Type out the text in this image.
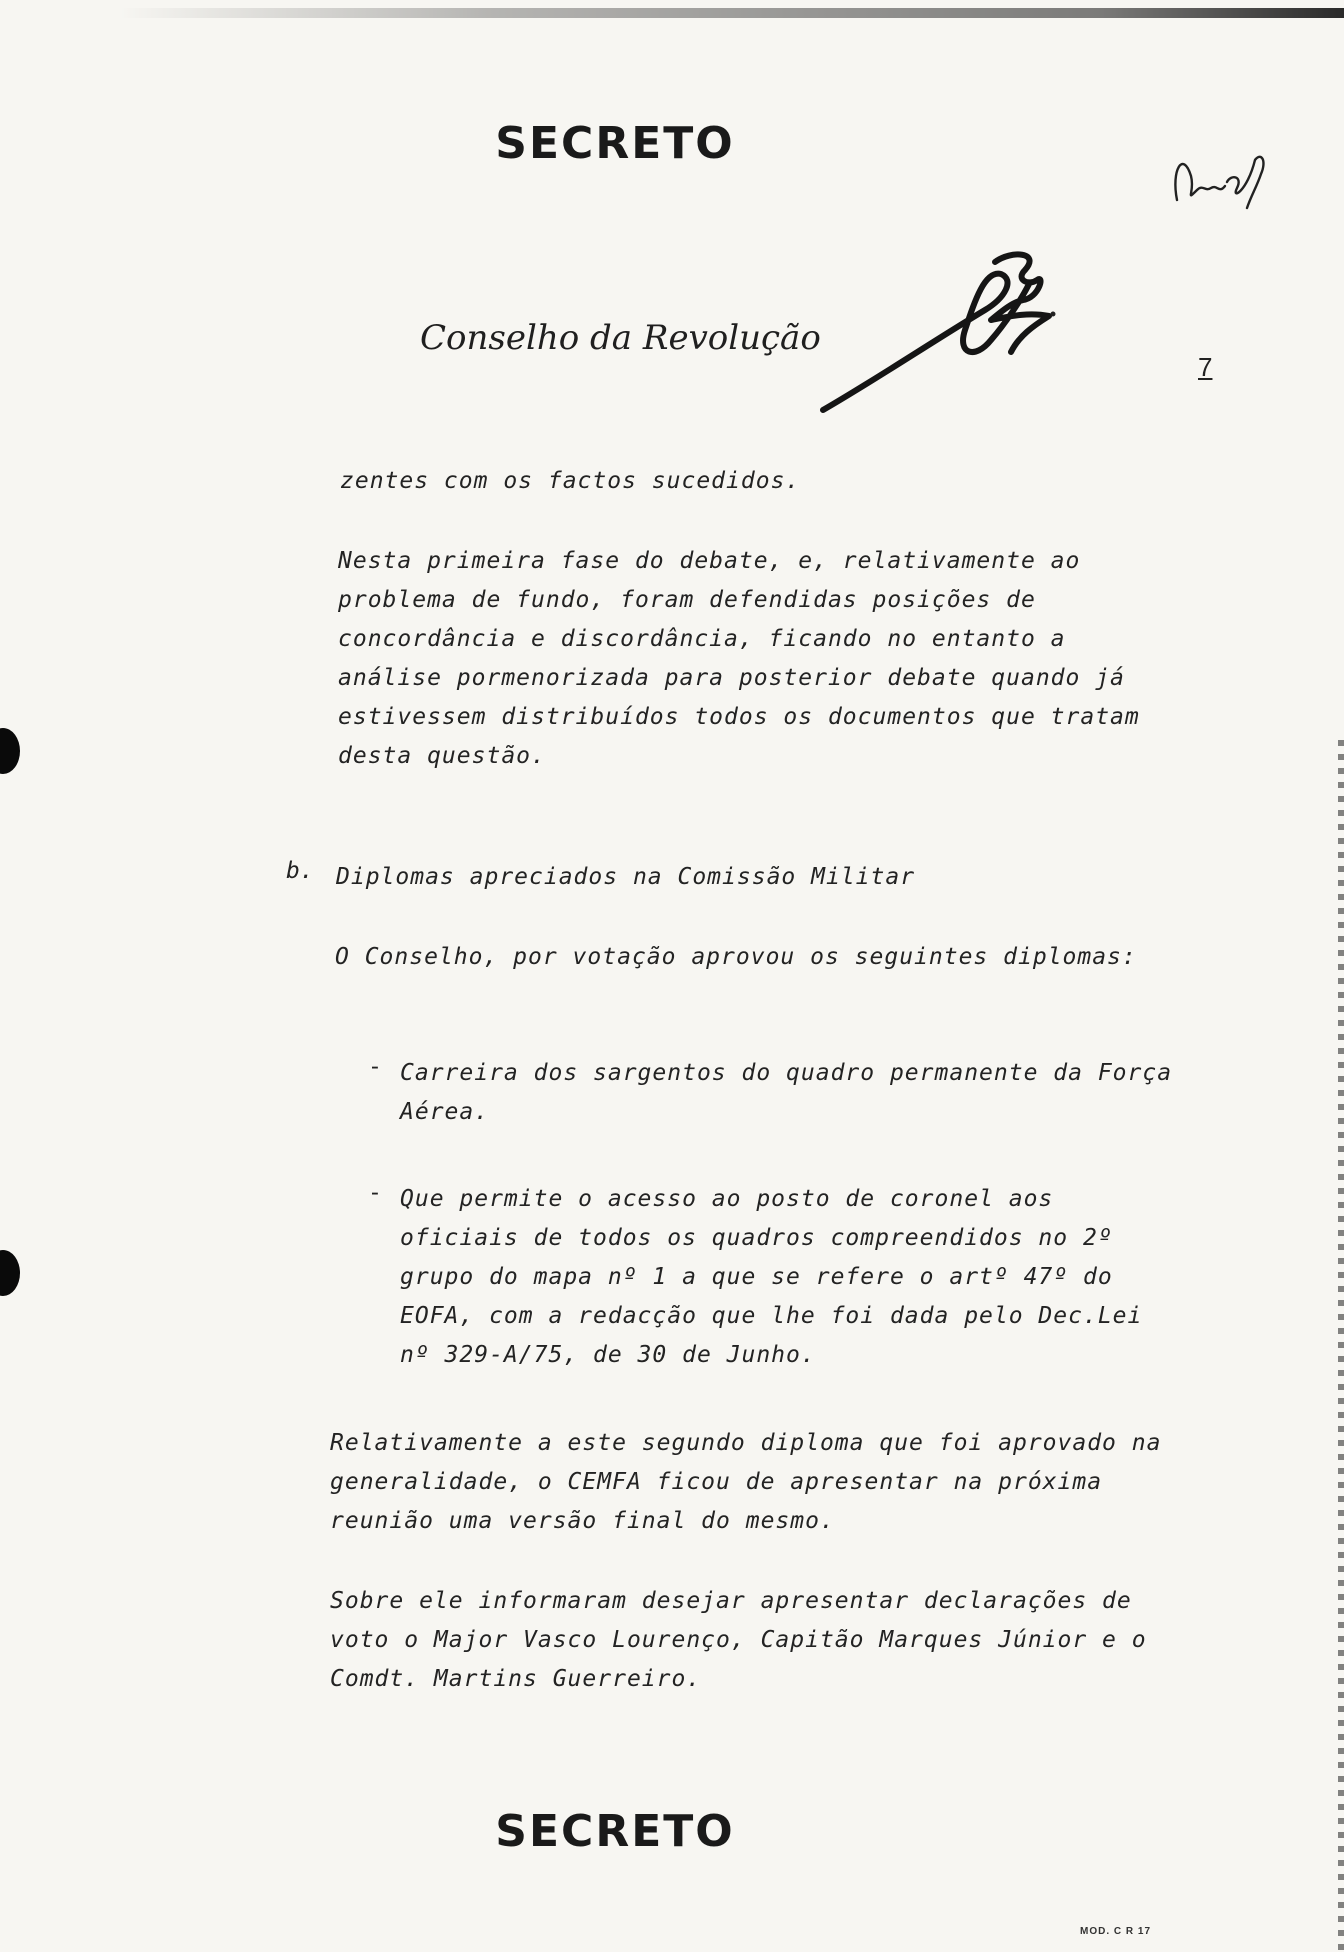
SECRETO
Conselho da Revolução
7
zentes com os factos sucedidos.
Nesta primeira fase do debate, e, relativamente ao problema de fundo, foram defendidas posições de concordância e discordância, ficando no entanto a análise pormenorizada para posterior debate quando já estivessem distribuídos todos os documentos que tratam desta questão.
b. Diplomas apreciados na Comissão Militar
O Conselho, por votação aprovou os seguintes diplomas:
- Carreira dos sargentos do quadro permanente da Força Aérea.
- Que permite o acesso ao posto de coronel aos oficiais de todos os quadros compreendidos no 2º grupo do mapa nº 1 a que se refere o artº 47º do EOFA, com a redacção que lhe foi dada pelo Dec.Lei nº 329-A/75, de 30 de Junho.
Relativamente a este segundo diploma que foi aprovado na generalidade, o CEMFA ficou de apresentar na próxima reunião uma versão final do mesmo.
Sobre ele informaram desejar apresentar declarações de voto o Major Vasco Lourenço, Capitão Marques Júnior e o Comdt. Martins Guerreiro.
SECRETO
MOD. C R 17
